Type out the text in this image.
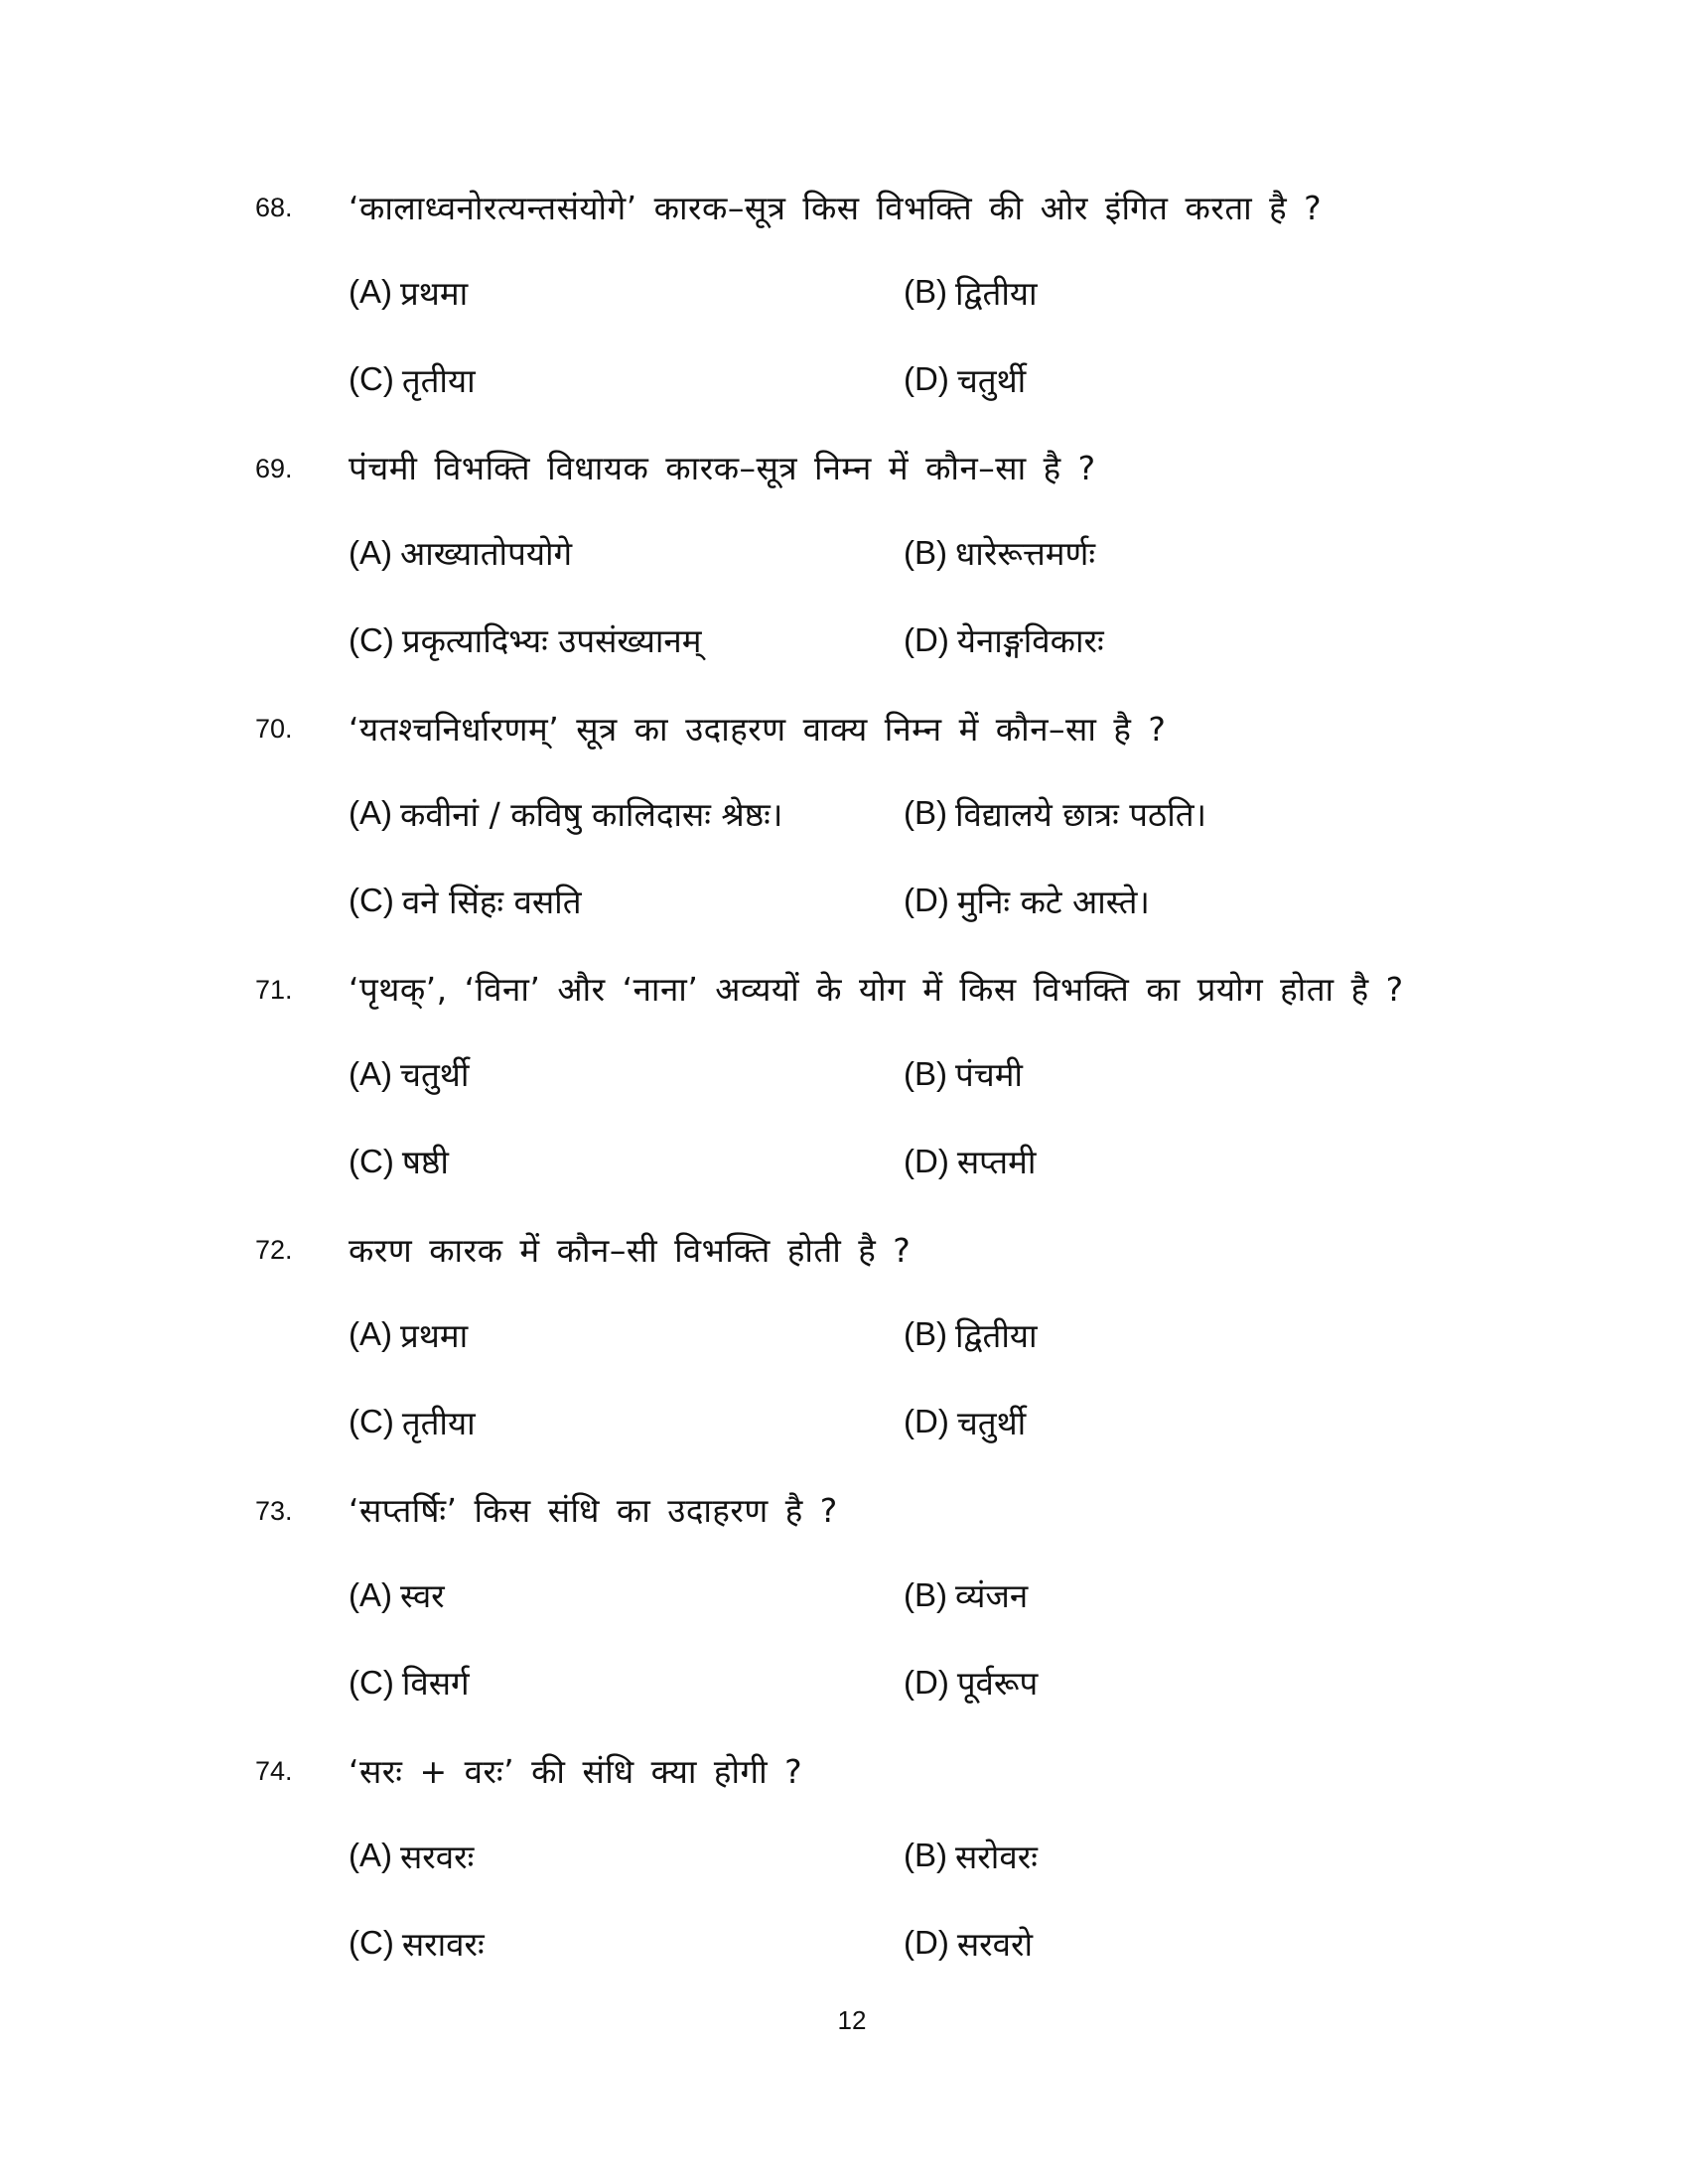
68. ‘कालाध्वनोरत्यन्तसंयोगे’ कारक–सूत्र किस विभक्ति की ओर इंगित करता है ?
(A) प्रथमा	(B) द्वितीया
(C) तृतीया	(D) चतुर्थी
69. पंचमी विभक्ति विधायक कारक–सूत्र निम्न में कौन–सा है ?
(A) आख्यातोपयोगे	(B) धारेरूत्तमर्णः
(C) प्रकृत्यादिभ्यः उपसंख्यानम्	(D) येनाङ्गविकारः
70. ‘यतश्चनिर्धारणम्’ सूत्र का उदाहरण वाक्य निम्न में कौन–सा है ?
(A) कवीनां / कविषु कालिदासः श्रेष्ठः।	(B) विद्यालये छात्रः पठति।
(C) वने सिंहः वसति	(D) मुनिः कटे आस्ते।
71. ‘पृथक्’, ‘विना’ और ‘नाना’ अव्ययों के योग में किस विभक्ति का प्रयोग होता है ?
(A) चतुर्थी	(B) पंचमी
(C) षष्ठी	(D) सप्तमी
72. करण कारक में कौन–सी विभक्ति होती है ?
(A) प्रथमा	(B) द्वितीया
(C) तृतीया	(D) चतुर्थी
73. ‘सप्तर्षिः’ किस संधि का उदाहरण है ?
(A) स्वर	(B) व्यंजन
(C) विसर्ग	(D) पूर्वरूप
74. ‘सरः + वरः’ की संधि क्या होगी ?
(A) सरवरः	(B) सरोवरः
(C) सरावरः	(D) सरवरो
12
